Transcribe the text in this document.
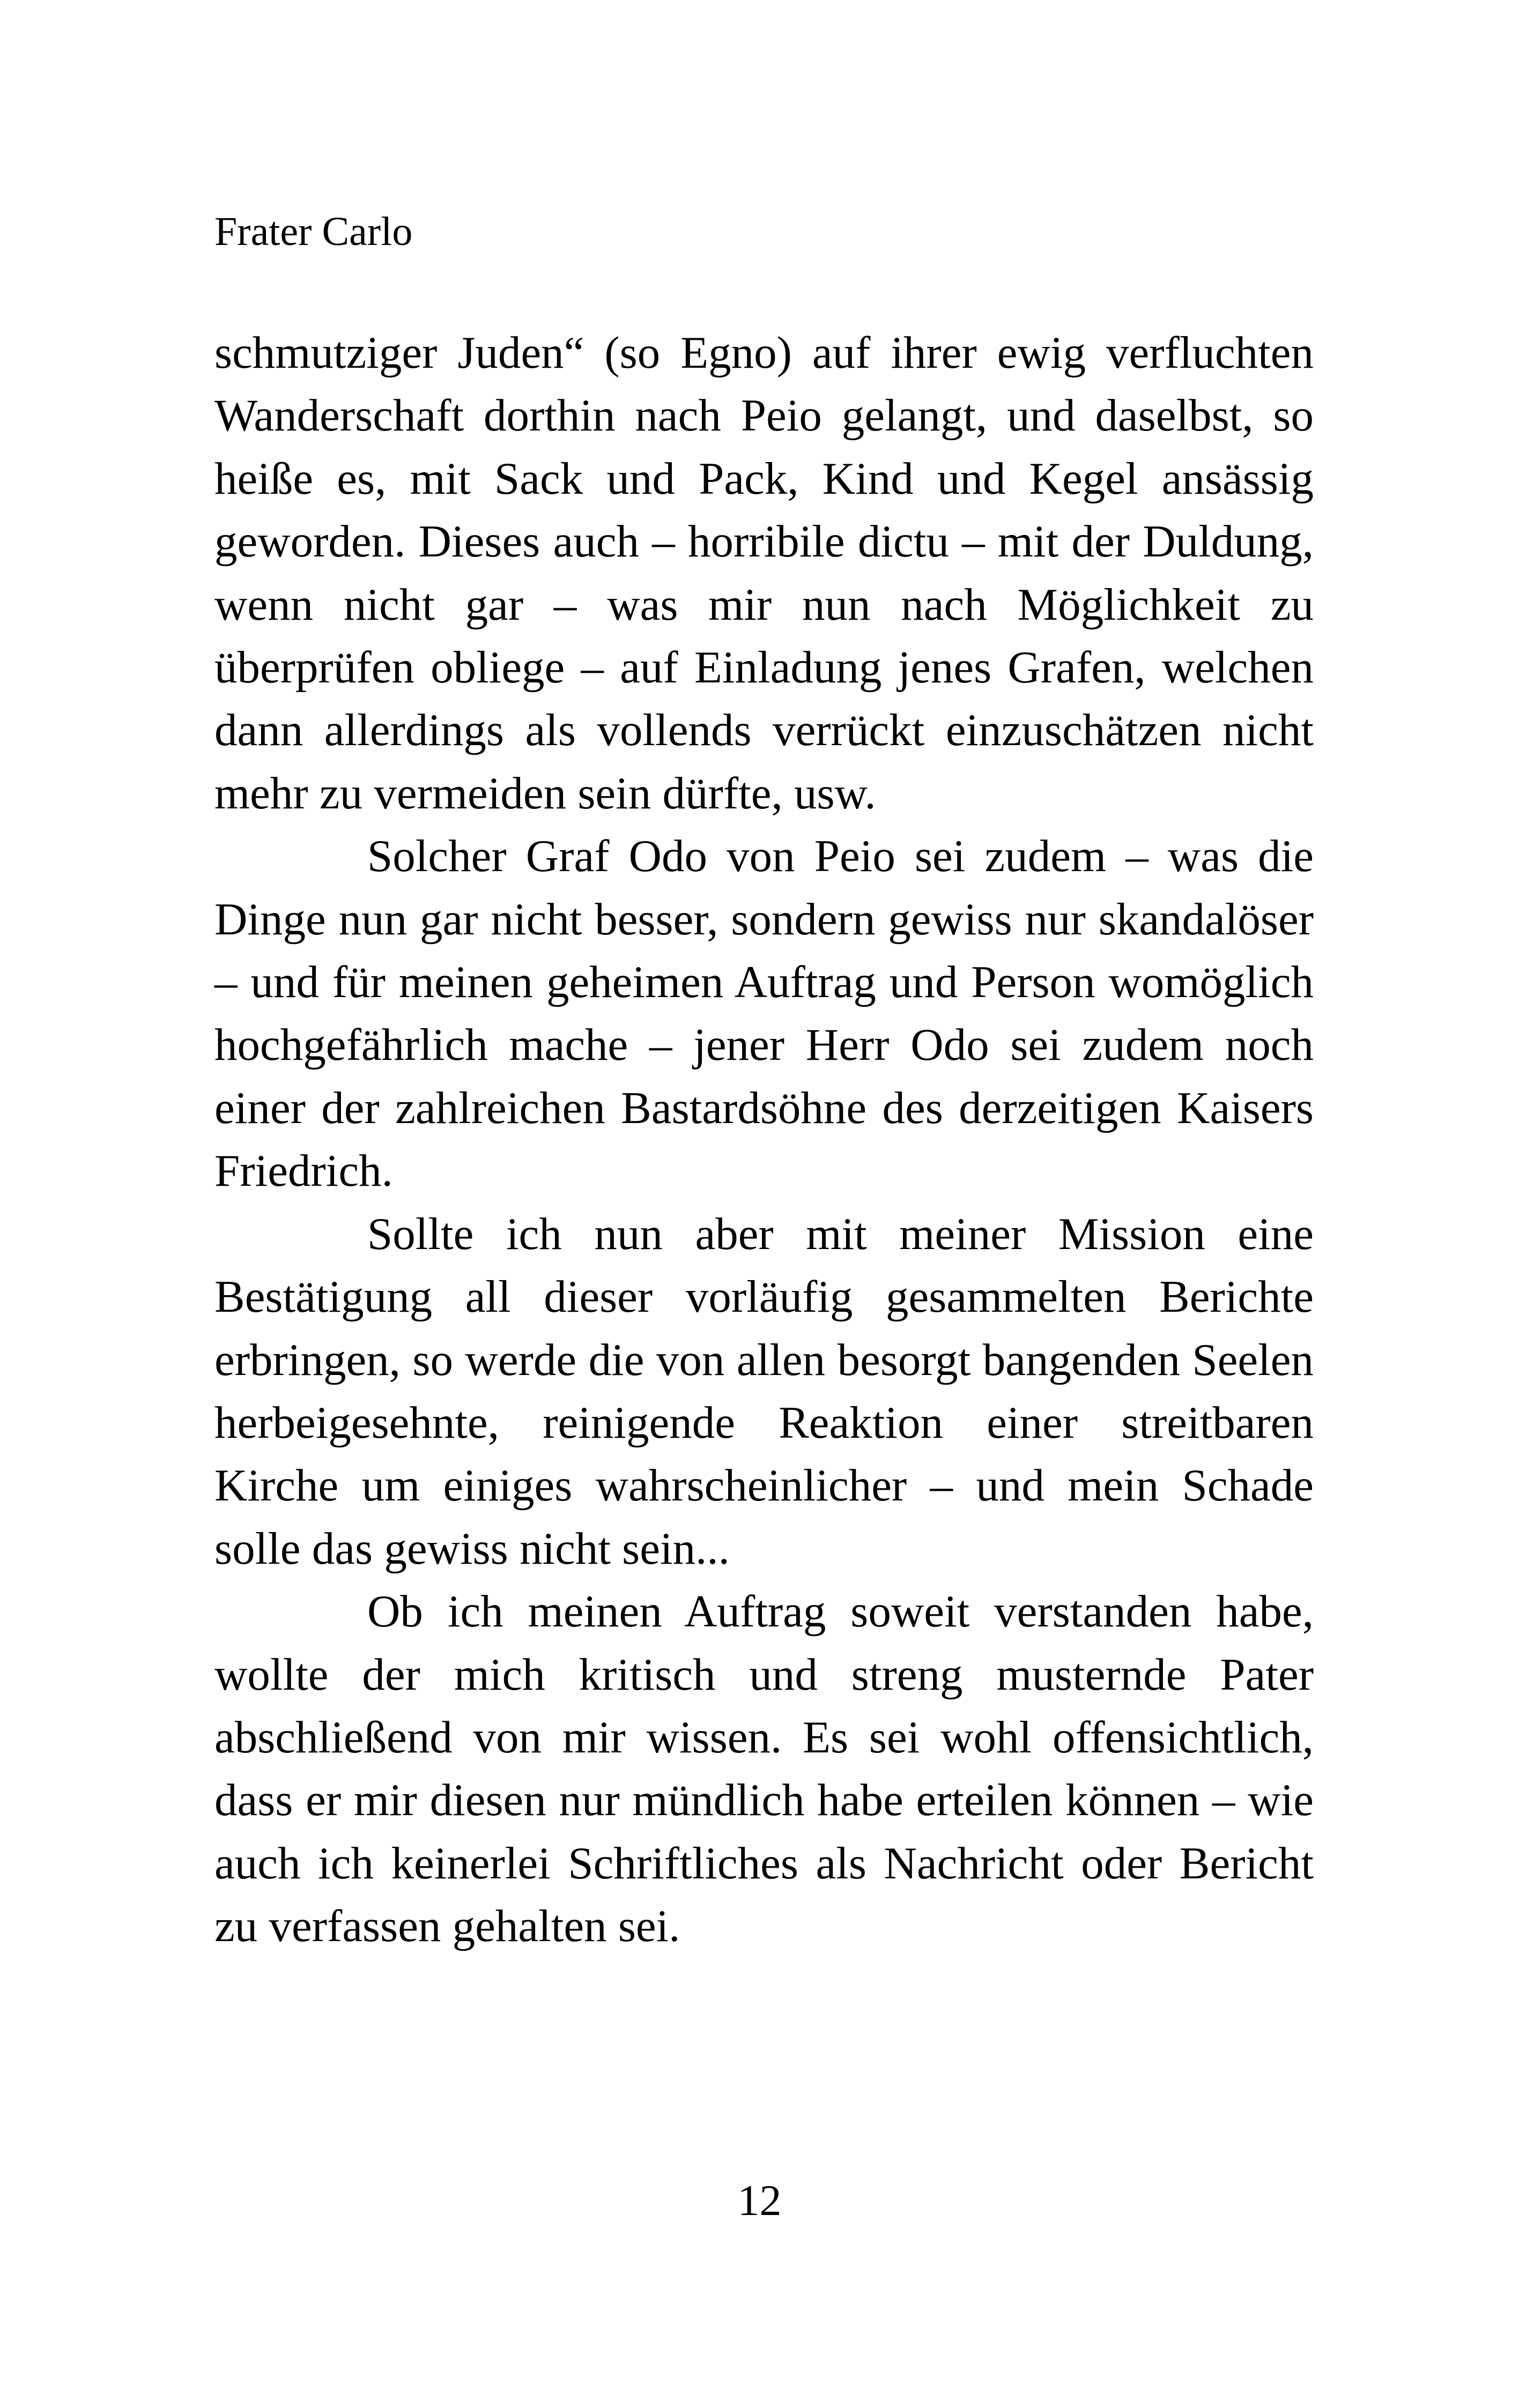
Frater Carlo

schmutziger Juden“ (so Egno) auf ihrer ewig verfluchten Wanderschaft dorthin nach Peio gelangt, und daselbst, so heiße es, mit Sack und Pack, Kind und Kegel ansässig geworden. Dieses auch – horribile dictu – mit der Duldung, wenn nicht gar – was mir nun nach Möglichkeit zu überprüfen obliege – auf Einladung jenes Grafen, welchen dann allerdings als vollends verrückt einzuschätzen nicht mehr zu vermeiden sein dürfte, usw.

Solcher Graf Odo von Peio sei zudem – was die Dinge nun gar nicht besser, sondern gewiss nur skandalöser – und für meinen geheimen Auftrag und Person womöglich hochgefährlich mache – jener Herr Odo sei zudem noch einer der zahlreichen Bastardsöhne des derzeitigen Kaisers Friedrich.

Sollte ich nun aber mit meiner Mission eine Bestätigung all dieser vorläufig gesammelten Berichte erbringen, so werde die von allen besorgt bangenden Seelen herbeigesehnte, reinigende Reaktion einer streitbaren Kirche um einiges wahrscheinlicher – und mein Schade solle das gewiss nicht sein...

Ob ich meinen Auftrag soweit verstanden habe, wollte der mich kritisch und streng musternde Pater abschließend von mir wissen. Es sei wohl offensichtlich, dass er mir diesen nur mündlich habe erteilen können – wie auch ich keinerlei Schriftliches als Nachricht oder Bericht zu verfassen gehalten sei.

12
